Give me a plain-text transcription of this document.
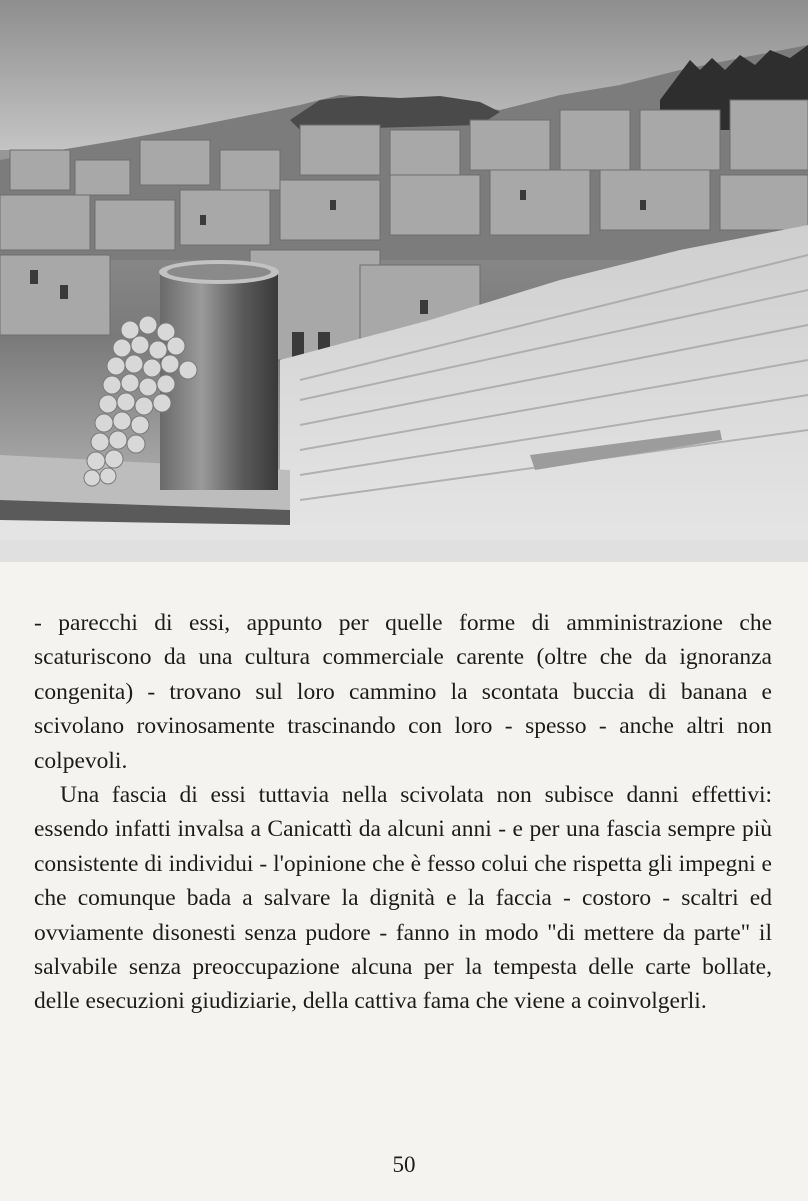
- parecchi di essi, appunto per quelle forme di amministrazione che scaturiscono da una cultura commerciale carente (oltre che da ignoranza congenita) - trovano sul loro cammino la scontata buccia di banana e scivolano rovinosamente trascinando con loro - spesso - anche altri non colpevoli.

Una fascia di essi tuttavia nella scivolata non subisce danni effettivi: essendo infatti invalsa a Canicattì da alcuni anni - e per una fascia sempre più consistente di individui - l'opinione che è fesso colui che rispetta gli impegni e che comunque bada a salvare la dignità e la faccia - costoro - scaltri ed ovviamente disonesti senza pudore - fanno in modo "di mettere da parte" il salvabile senza preoccupazione alcuna per la tempesta delle carte bollate, delle esecuzioni giudiziarie, della cattiva fama che viene a coinvolgerli.

50
